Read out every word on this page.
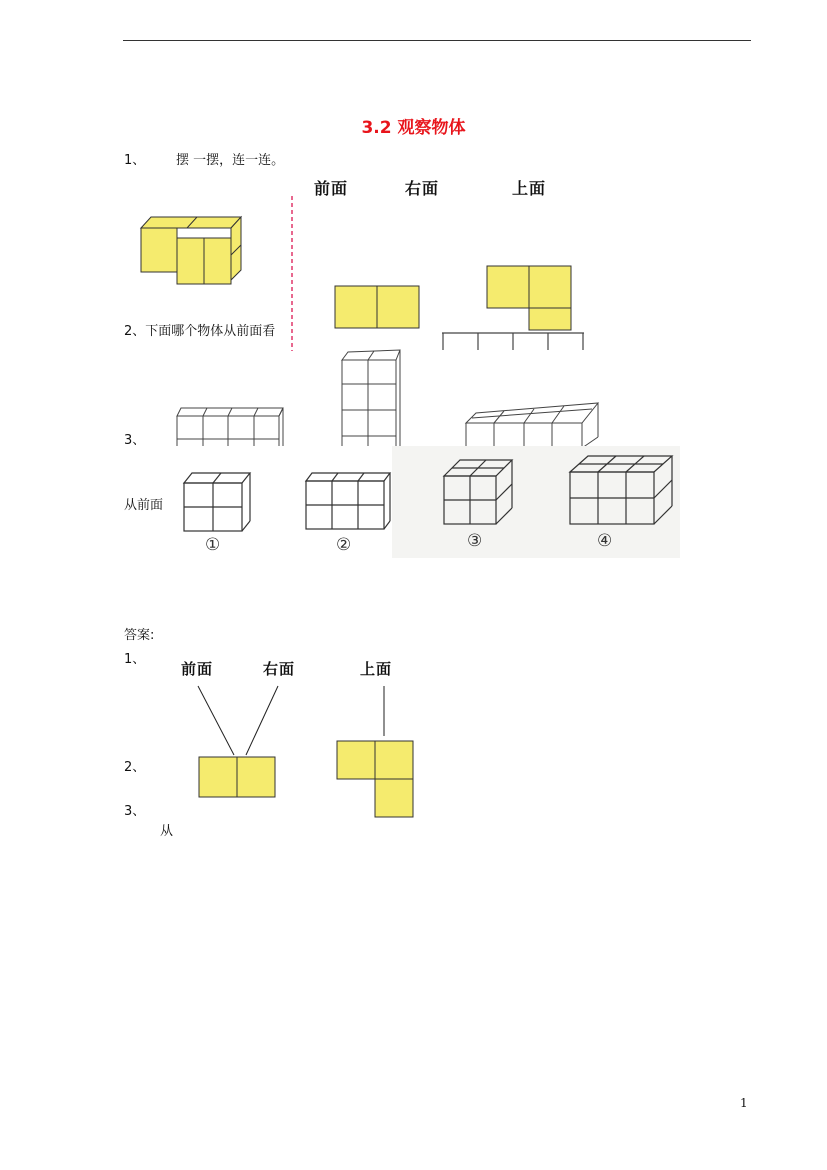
3.2 观察物体
1、 摆 一摆，连一连。
前面	右面	上面
2、下面哪个物体从前面看
3、
从前面
①	②	③	④
答案:
1、
前面	右面	上面
2、
3、
从
1
